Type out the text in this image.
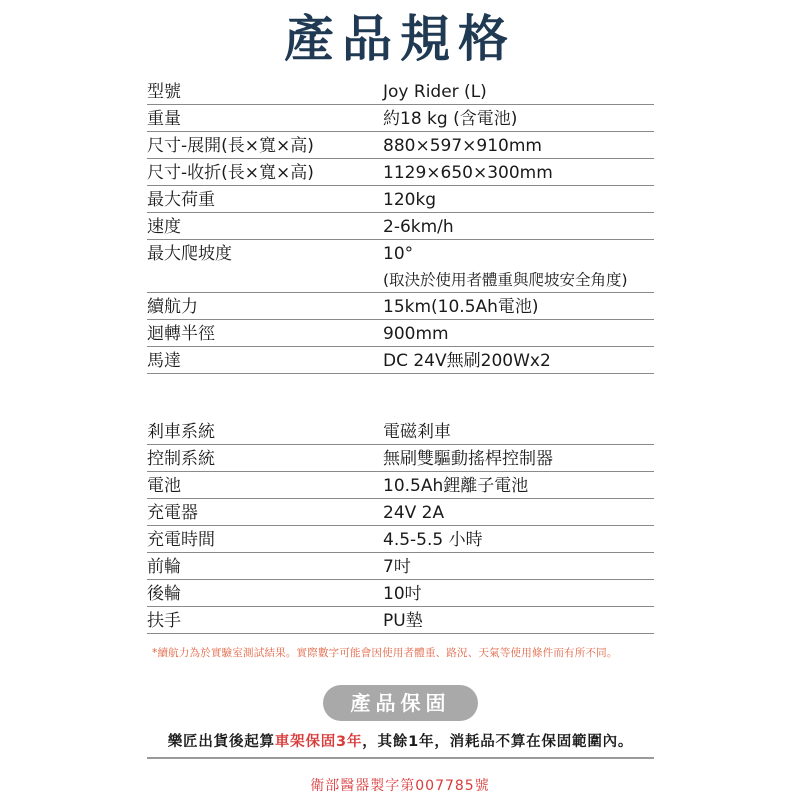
產品規格
型號	Joy Rider (L)
重量	約18 kg (含電池)
尺寸-展開(長×寬×高)	880×597×910mm
尺寸-收折(長×寬×高)	1129×650×300mm
最大荷重	120kg
速度	2-6km/h
最大爬坡度	10°
(取決於使用者體重與爬坡安全角度)
續航力	15km(10.5Ah電池)
迴轉半徑	900mm
馬達	DC 24V無刷200Wx2
剎車系統	電磁剎車
控制系統	無刷雙驅動搖桿控制器
電池	10.5Ah鋰離子電池
充電器	24V 2A
充電時間	4.5-5.5 小時
前輪	7吋
後輪	10吋
扶手	PU墊
*續航力為於實驗室測試結果。實際數字可能會因使用者體重、路況、天氣等使用條件而有所不同。
產品保固
樂匠出貨後起算車架保固3年，其餘1年，消耗品不算在保固範圍內。
衛部醫器製字第007785號
